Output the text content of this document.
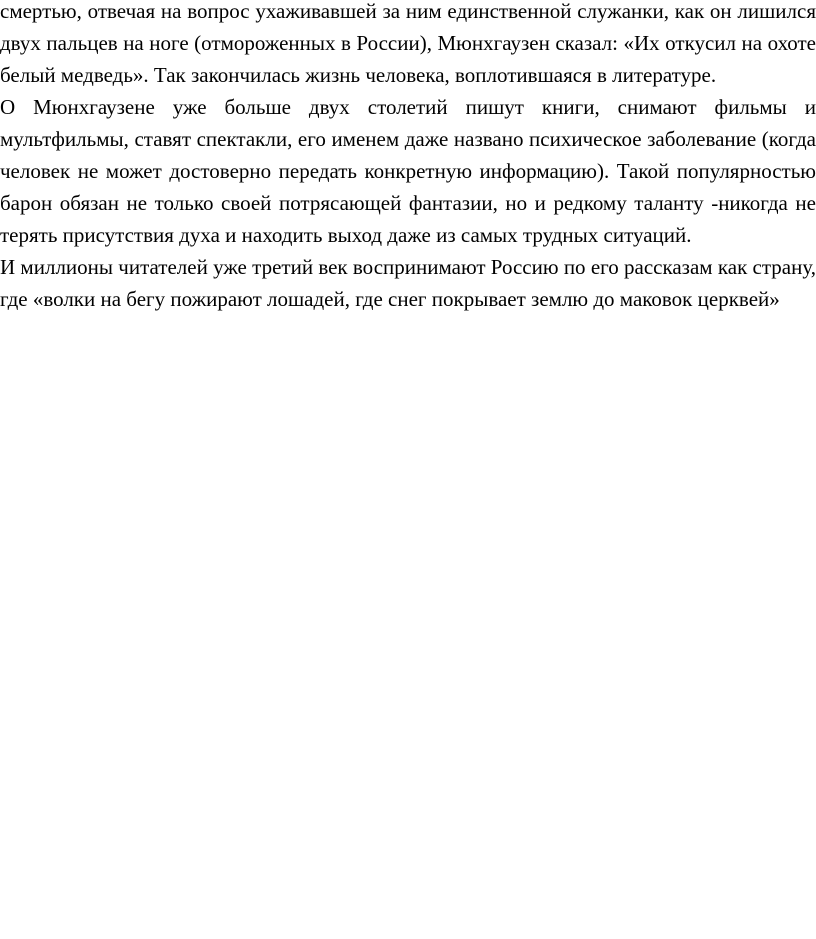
смертью, отвечая на вопрос ухаживавшей за ним единственной служанки, как он лишился двух пальцев на ноге (отмороженных в России), Мюнхгаузен сказал: «Их откусил на охоте белый медведь». Так закончилась жизнь человека, воплотившаяся в литературе.

О Мюнхгаузене уже больше двух столетий пишут книги, снимают фильмы и мультфильмы, ставят спектакли, его именем даже названо психическое заболевание (когда человек не может достоверно передать конкретную информацию). Такой популярностью барон обязан не только своей потрясающей фантазии, но и редкому таланту -никогда не терять присутствия духа и находить выход даже из самых трудных ситуаций.

И миллионы читателей уже третий век воспринимают Россию по его рассказам как страну, где «волки на бегу пожирают лошадей, где снег покрывает землю до маковок церквей»
